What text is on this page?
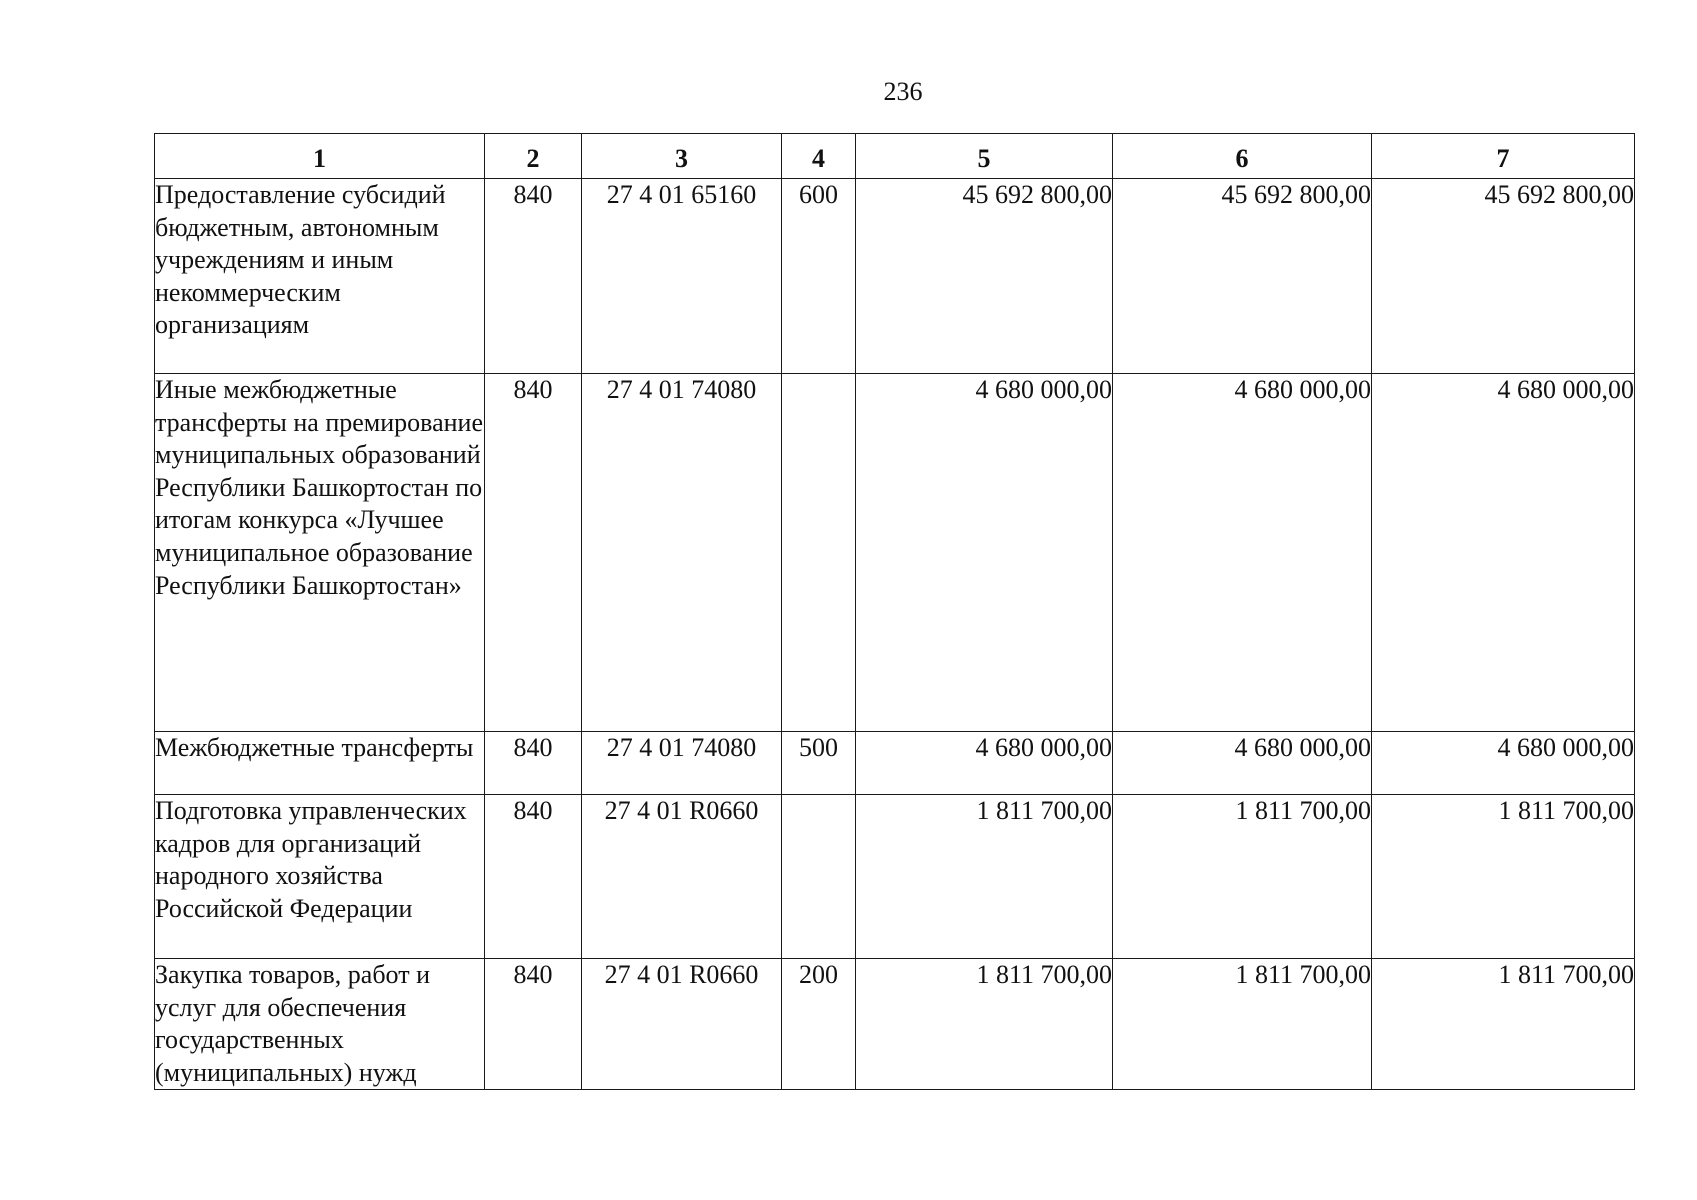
236
1	2	3	4	5	6	7
Предоставление субсидий бюджетным, автономным учреждениям и иным некоммерческим организациям	840	27 4 01 65160	600	45 692 800,00	45 692 800,00	45 692 800,00
Иные межбюджетные трансферты на премирование муниципальных образований Республики Башкортостан по итогам конкурса «Лучшее муниципальное образование Республики Башкортостан»	840	27 4 01 74080		4 680 000,00	4 680 000,00	4 680 000,00
Межбюджетные трансферты	840	27 4 01 74080	500	4 680 000,00	4 680 000,00	4 680 000,00
Подготовка управленческих кадров для организаций народного хозяйства Российской Федерации	840	27 4 01 R0660		1 811 700,00	1 811 700,00	1 811 700,00
Закупка товаров, работ и услуг для обеспечения государственных (муниципальных) нужд	840	27 4 01 R0660	200	1 811 700,00	1 811 700,00	1 811 700,00
